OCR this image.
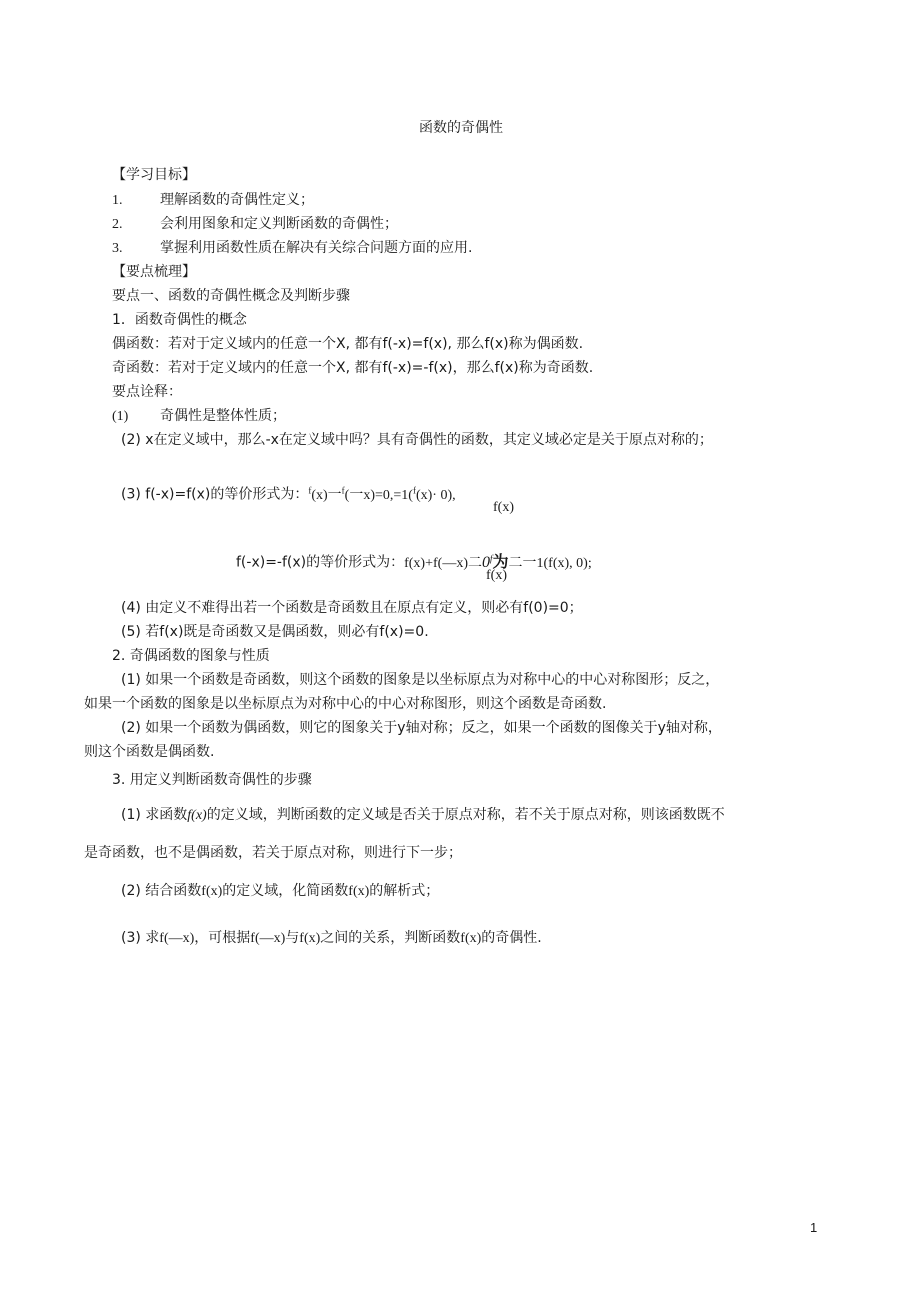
函数的奇偶性
【学习目标】
1.	理解函数的奇偶性定义；
2.	会利用图象和定义判断函数的奇偶性；
3.	掌握利用函数性质在解决有关综合问题方面的应用.
【要点梳理】
要点一、函数的奇偶性概念及判断步骤
1．函数奇偶性的概念
偶函数：若对于定义域内的任意一个X, 都有f(-x)=f(x), 那么f(x)称为偶函数.
奇函数：若对于定义域内的任意一个X, 都有f(-x)=-f(x)，那么f(x)称为奇函数.
要点诠释：
(1) 奇偶性是整体性质；
(2) x在定义域中，那么-x在定义域中吗？具有奇偶性的函数，其定义域必定是关于原点对称的；
(3) f(-x)=f(x)的等价形式为：$^f$(x)一$^f$(一x)=0,=1($^f$(x)· 0),
f(x)
f(-x)=-f(x)的等价形式为：f(x)+f(—x)二0$^f$为二一1(f(x), 0);
f(x)
(4) 由定义不难得出若一个函数是奇函数且在原点有定义，则必有f(0)=0；
(5) 若f(x)既是奇函数又是偶函数，则必有f(x)=0.
2. 奇偶函数的图象与性质
(1) 如果一个函数是奇函数，则这个函数的图象是以坐标原点为对称中心的中心对称图形；反之，
如果一个函数的图象是以坐标原点为对称中心的中心对称图形，则这个函数是奇函数.
(2) 如果一个函数为偶函数，则它的图象关于y轴对称；反之，如果一个函数的图像关于y轴对称，
则这个函数是偶函数.
3. 用定义判断函数奇偶性的步骤
(1) 求函数f(x)的定义域，判断函数的定义域是否关于原点对称，若不关于原点对称，则该函数既不
是奇函数，也不是偶函数，若关于原点对称，则进行下一步；
(2) 结合函数f(x)的定义域，化简函数f(x)的解析式；
(3) 求f(—x)，可根据f(—x)与f(x)之间的关系，判断函数f(x)的奇偶性.
1
